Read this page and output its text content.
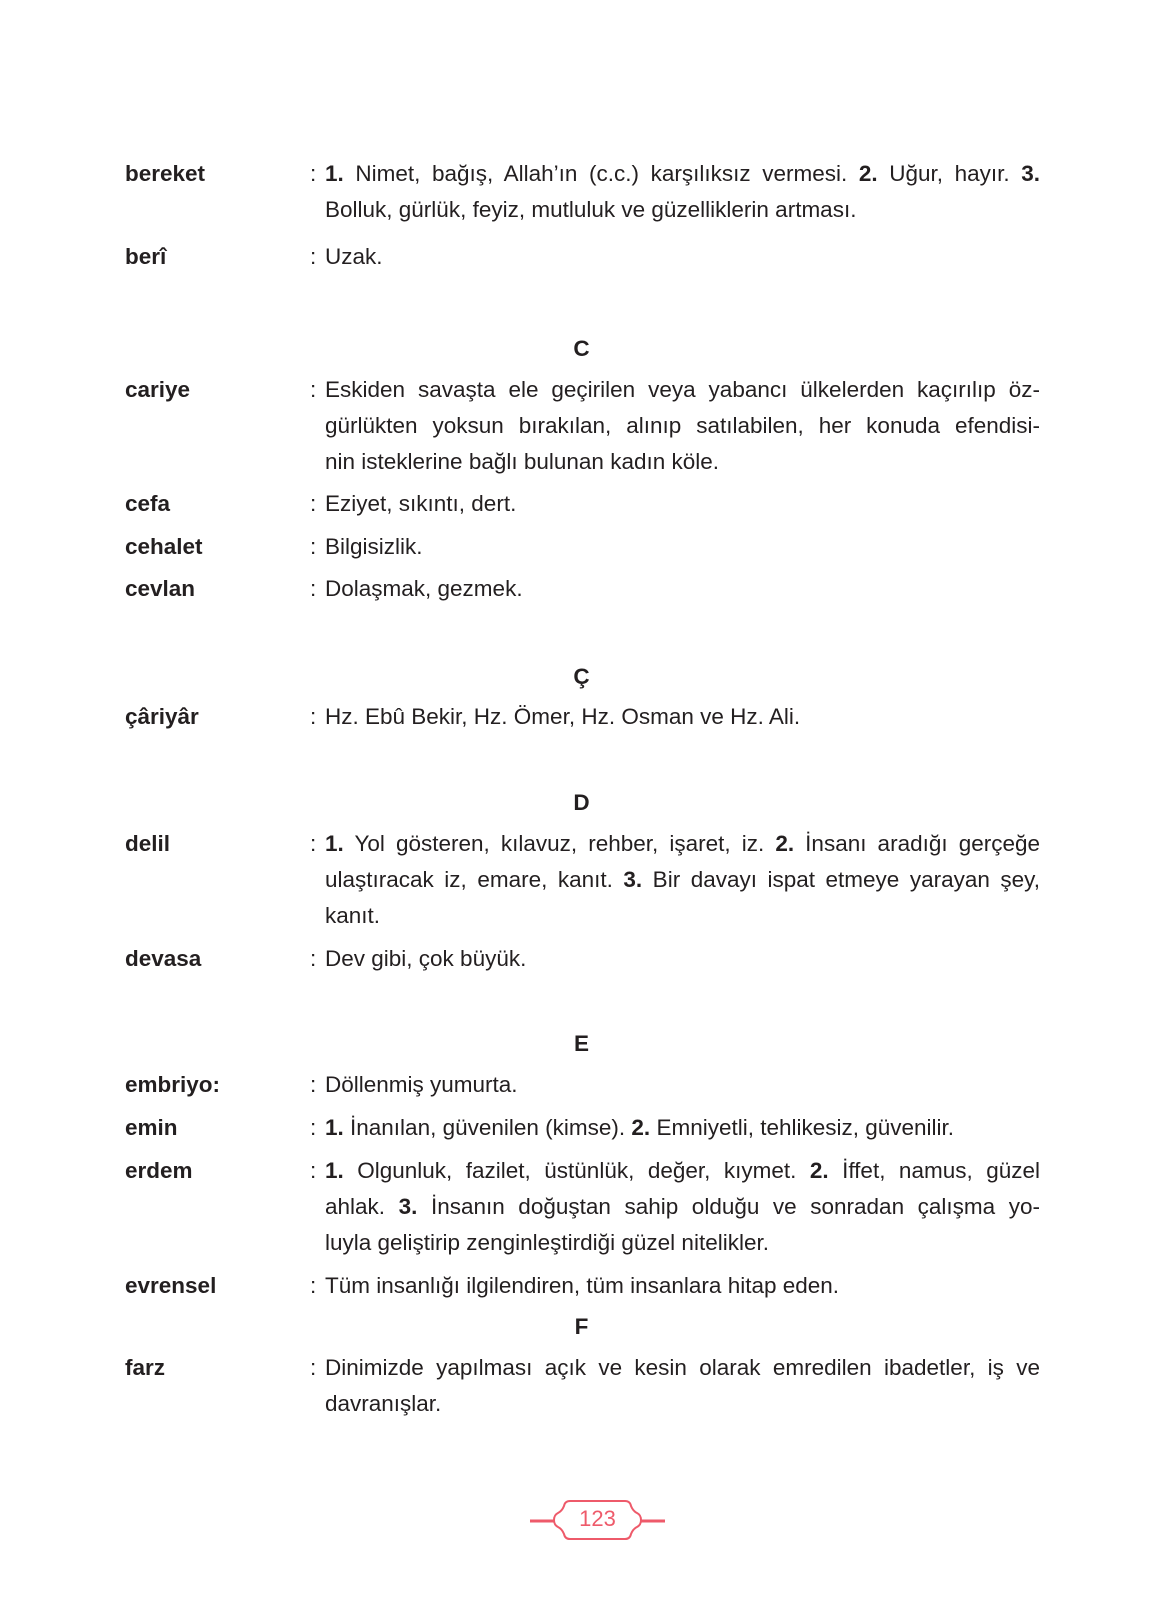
bereket	: 1. Nimet, bağış, Allah’ın (c.c.) karşılıksız vermesi. 2. Uğur, hayır. 3.
Bolluk, gürlük, feyiz, mutluluk ve güzelliklerin artması.
berî	: Uzak.
C
cariye	: Eskiden savaşta ele geçirilen veya yabancı ülkelerden kaçırılıp öz-
gürlükten yoksun bırakılan, alınıp satılabilen, her konuda efendisi-
nin isteklerine bağlı bulunan kadın köle.
cefa	: Eziyet, sıkıntı, dert.
cehalet	: Bilgisizlik.
cevlan	: Dolaşmak, gezmek.
Ç
çâriyâr	: Hz. Ebû Bekir, Hz. Ömer, Hz. Osman ve Hz. Ali.
D
delil	: 1. Yol gösteren, kılavuz, rehber, işaret, iz. 2. İnsanı aradığı gerçeğe
ulaştıracak iz, emare, kanıt. 3. Bir davayı ispat etmeye yarayan şey,
kanıt.
devasa	: Dev gibi, çok büyük.
E
embriyo:	: Döllenmiş yumurta.
emin	: 1. İnanılan, güvenilen (kimse). 2. Emniyetli, tehlikesiz, güvenilir.
erdem	: 1. Olgunluk, fazilet, üstünlük, değer, kıymet. 2. İffet, namus, güzel
ahlak. 3. İnsanın doğuştan sahip olduğu ve sonradan çalışma yo-
luyla geliştirip zenginleştirdiği güzel nitelikler.
evrensel	: Tüm insanlığı ilgilendiren, tüm insanlara hitap eden.
F
farz	: Dinimizde yapılması açık ve kesin olarak emredilen ibadetler, iş ve
davranışlar.
123
